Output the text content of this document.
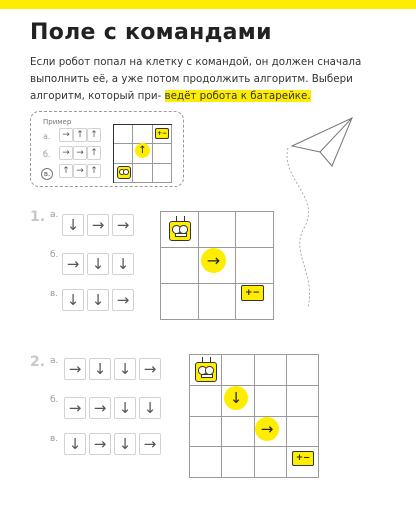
Поле с командами
Если робот попал на клетку с командой, он должен сначала выполнить её, а уже потом продолжить алгоритм. Выбери алгоритм, который при- ведёт робота к батарейке.
Пример
а.
б.
в.
→ ↑ ↑
→ → ↑
↑ → ↑
↑
+−
1. а.
б.
в.
↓ → →
→ ↓ ↓
↓ ↓ →
→
+−
2. а.
б.
в.
→ ↓ ↓ →
→ → ↓ ↓
↓ → ↓ →
↓
→
+−
